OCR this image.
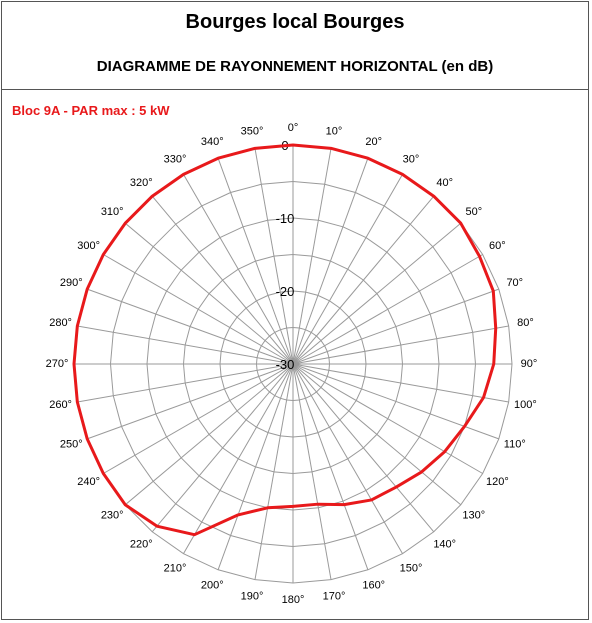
Bourges local Bourges
DIAGRAMME DE RAYONNEMENT HORIZONTAL (en dB)
Bloc 9A - PAR max : 5 kW
0° 10°
20°
30°
40°
50°
60°
70°
80°
90°
100°
110°
120°
130°
140°
150°
160°
170°
180°
190°
200°
210°
220°
230°
240°
250°
260°
270°
280°
290°
300°
310°
320°
330°
340°
350°
0
-10
-20
-30
